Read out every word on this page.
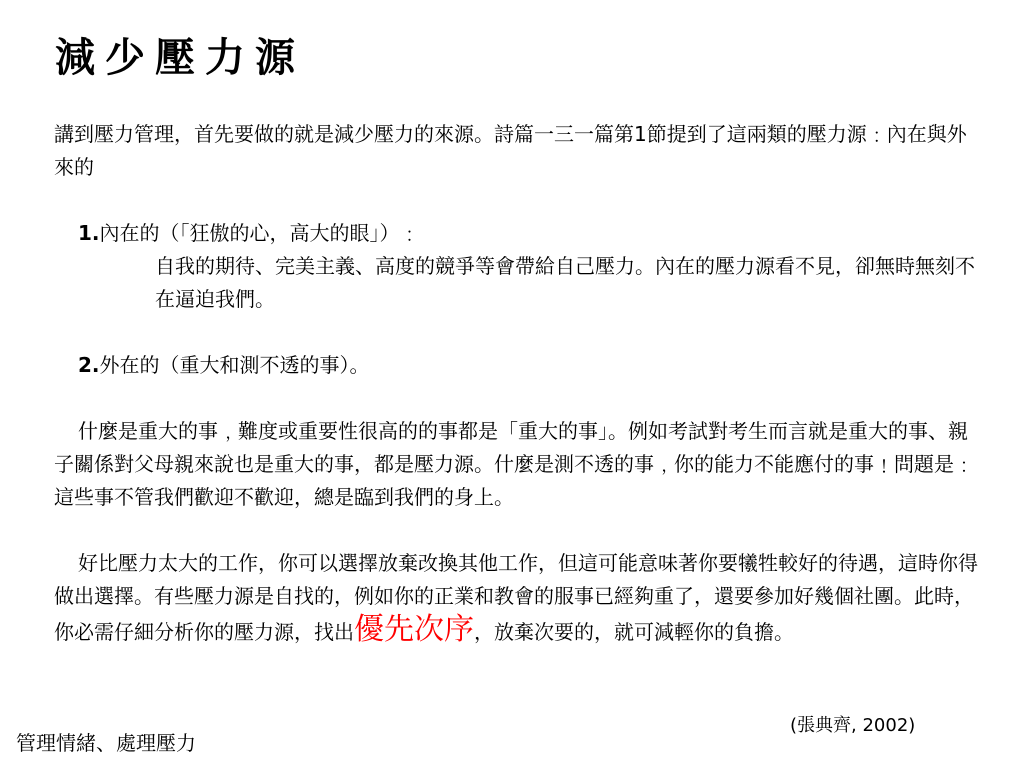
減少壓力源

講到壓力管理，首先要做的就是減少壓力的來源。詩篇一三一篇第1節提到了這兩類的壓力源﹕內在與外來的

1.內在的（「狂傲的心，高大的眼」）﹕

自我的期待、完美主義、高度的競爭等會帶給自己壓力。內在的壓力源看不見，卻無時無刻不在逼迫我們。

2.外在的（重大和測不透的事）。

什麼是重大的事﹐難度或重要性很高的的事都是「重大的事」。例如考試對考生而言就是重大的事、親子關係對父母親來說也是重大的事，都是壓力源。什麼是測不透的事﹐你的能力不能應付的事﹗問題是﹕這些事不管我們歡迎不歡迎，總是臨到我們的身上。

好比壓力太大的工作，你可以選擇放棄改換其他工作，但這可能意味著你要犧牲較好的待遇，這時你得做出選擇。有些壓力源是自找的，例如你的正業和教會的服事已經夠重了，還要參加好幾個社團。此時，你必需仔細分析你的壓力源，找出優先次序，放棄次要的，就可減輕你的負擔。

(張典齊, 2002)
管理情緒、處理壓力
